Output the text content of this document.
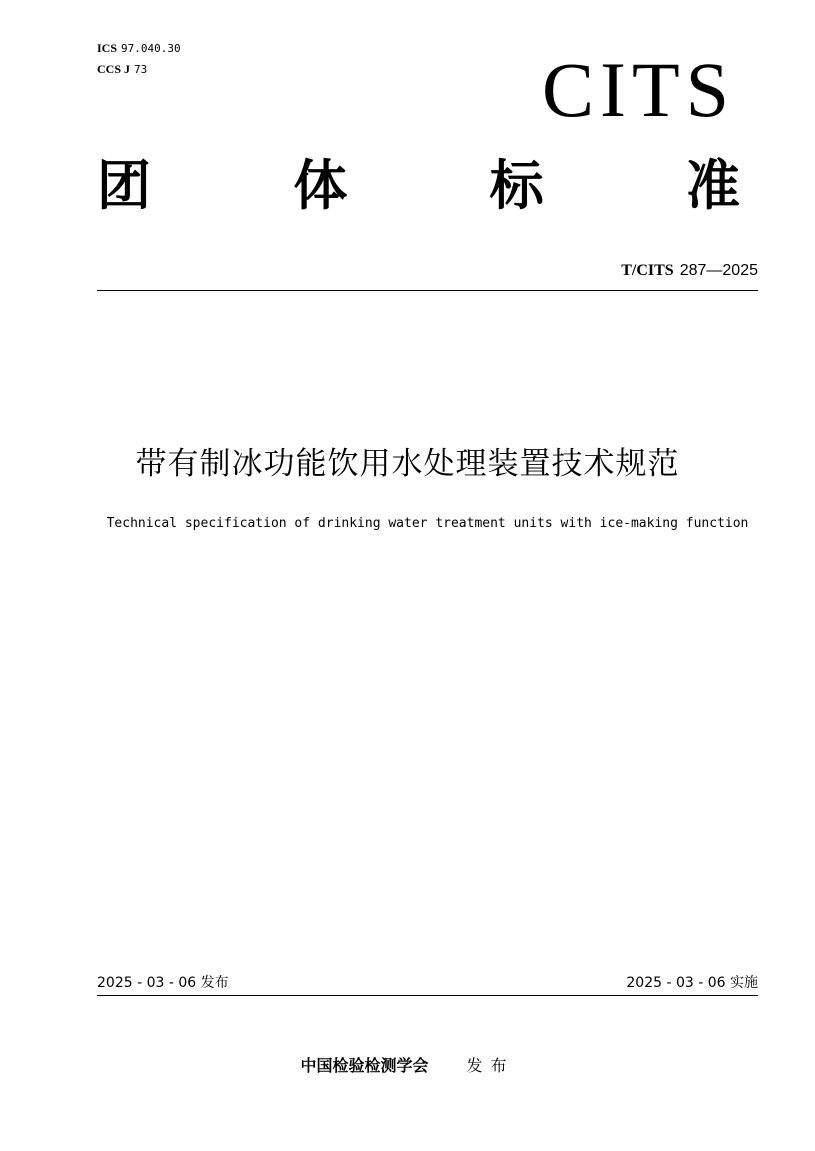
ICS 97.040.30
CCS J 73	CITS
团	体	标	准
T/CITS 287—2025
带有制冰功能饮用水处理装置技术规范
Technical specification of drinking water treatment units with ice-making function
2025 - 03 - 06 发布	2025 - 03 - 06 实施
中国检验检测学会 发布
